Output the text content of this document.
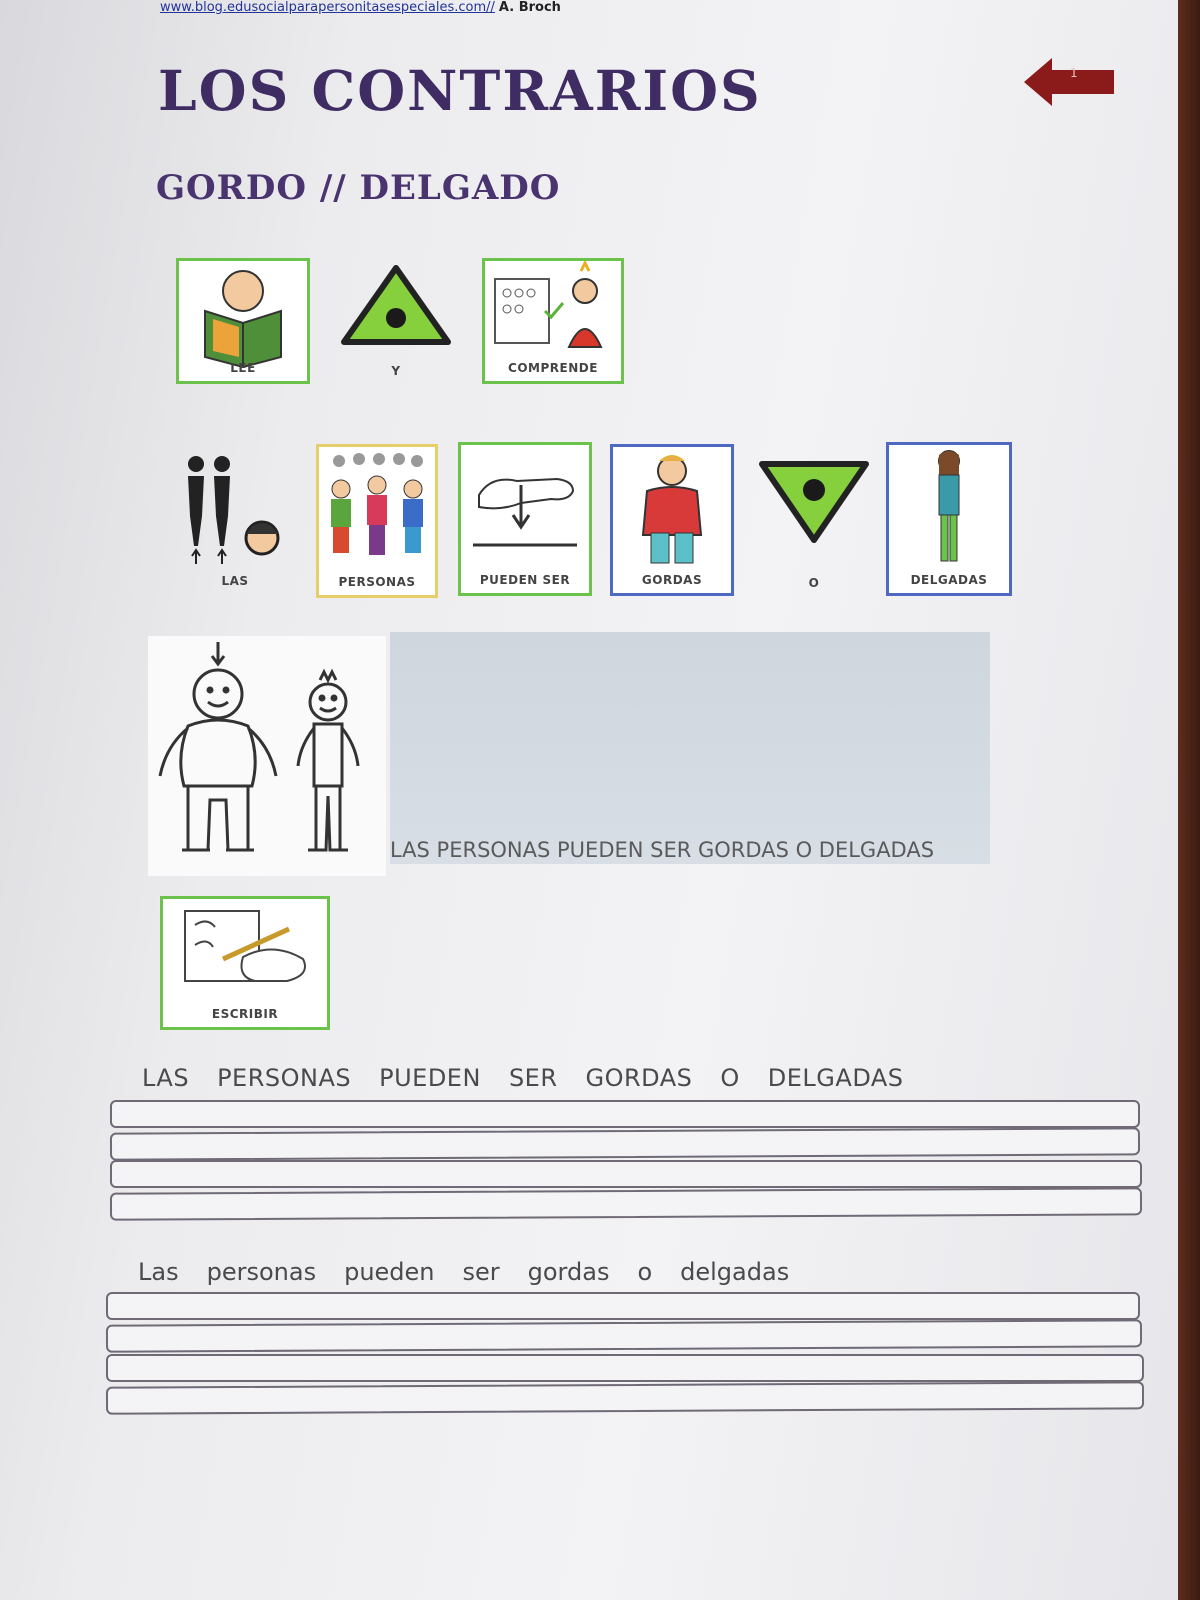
www.blog.edusocialparapersonitasespeciales.com// A. Broch
LOS CONTRARIOS	1
GORDO // DELGADO
LEE	Y	COMPRENDE
LAS	PERSONAS	PUEDEN SER	GORDAS	O	DELGADAS
LAS PERSONAS PUEDEN SER GORDAS O DELGADAS
ESCRIBIR
LAS PERSONAS PUEDEN SER GORDAS O DELGADAS
Las personas pueden ser gordas o delgadas
